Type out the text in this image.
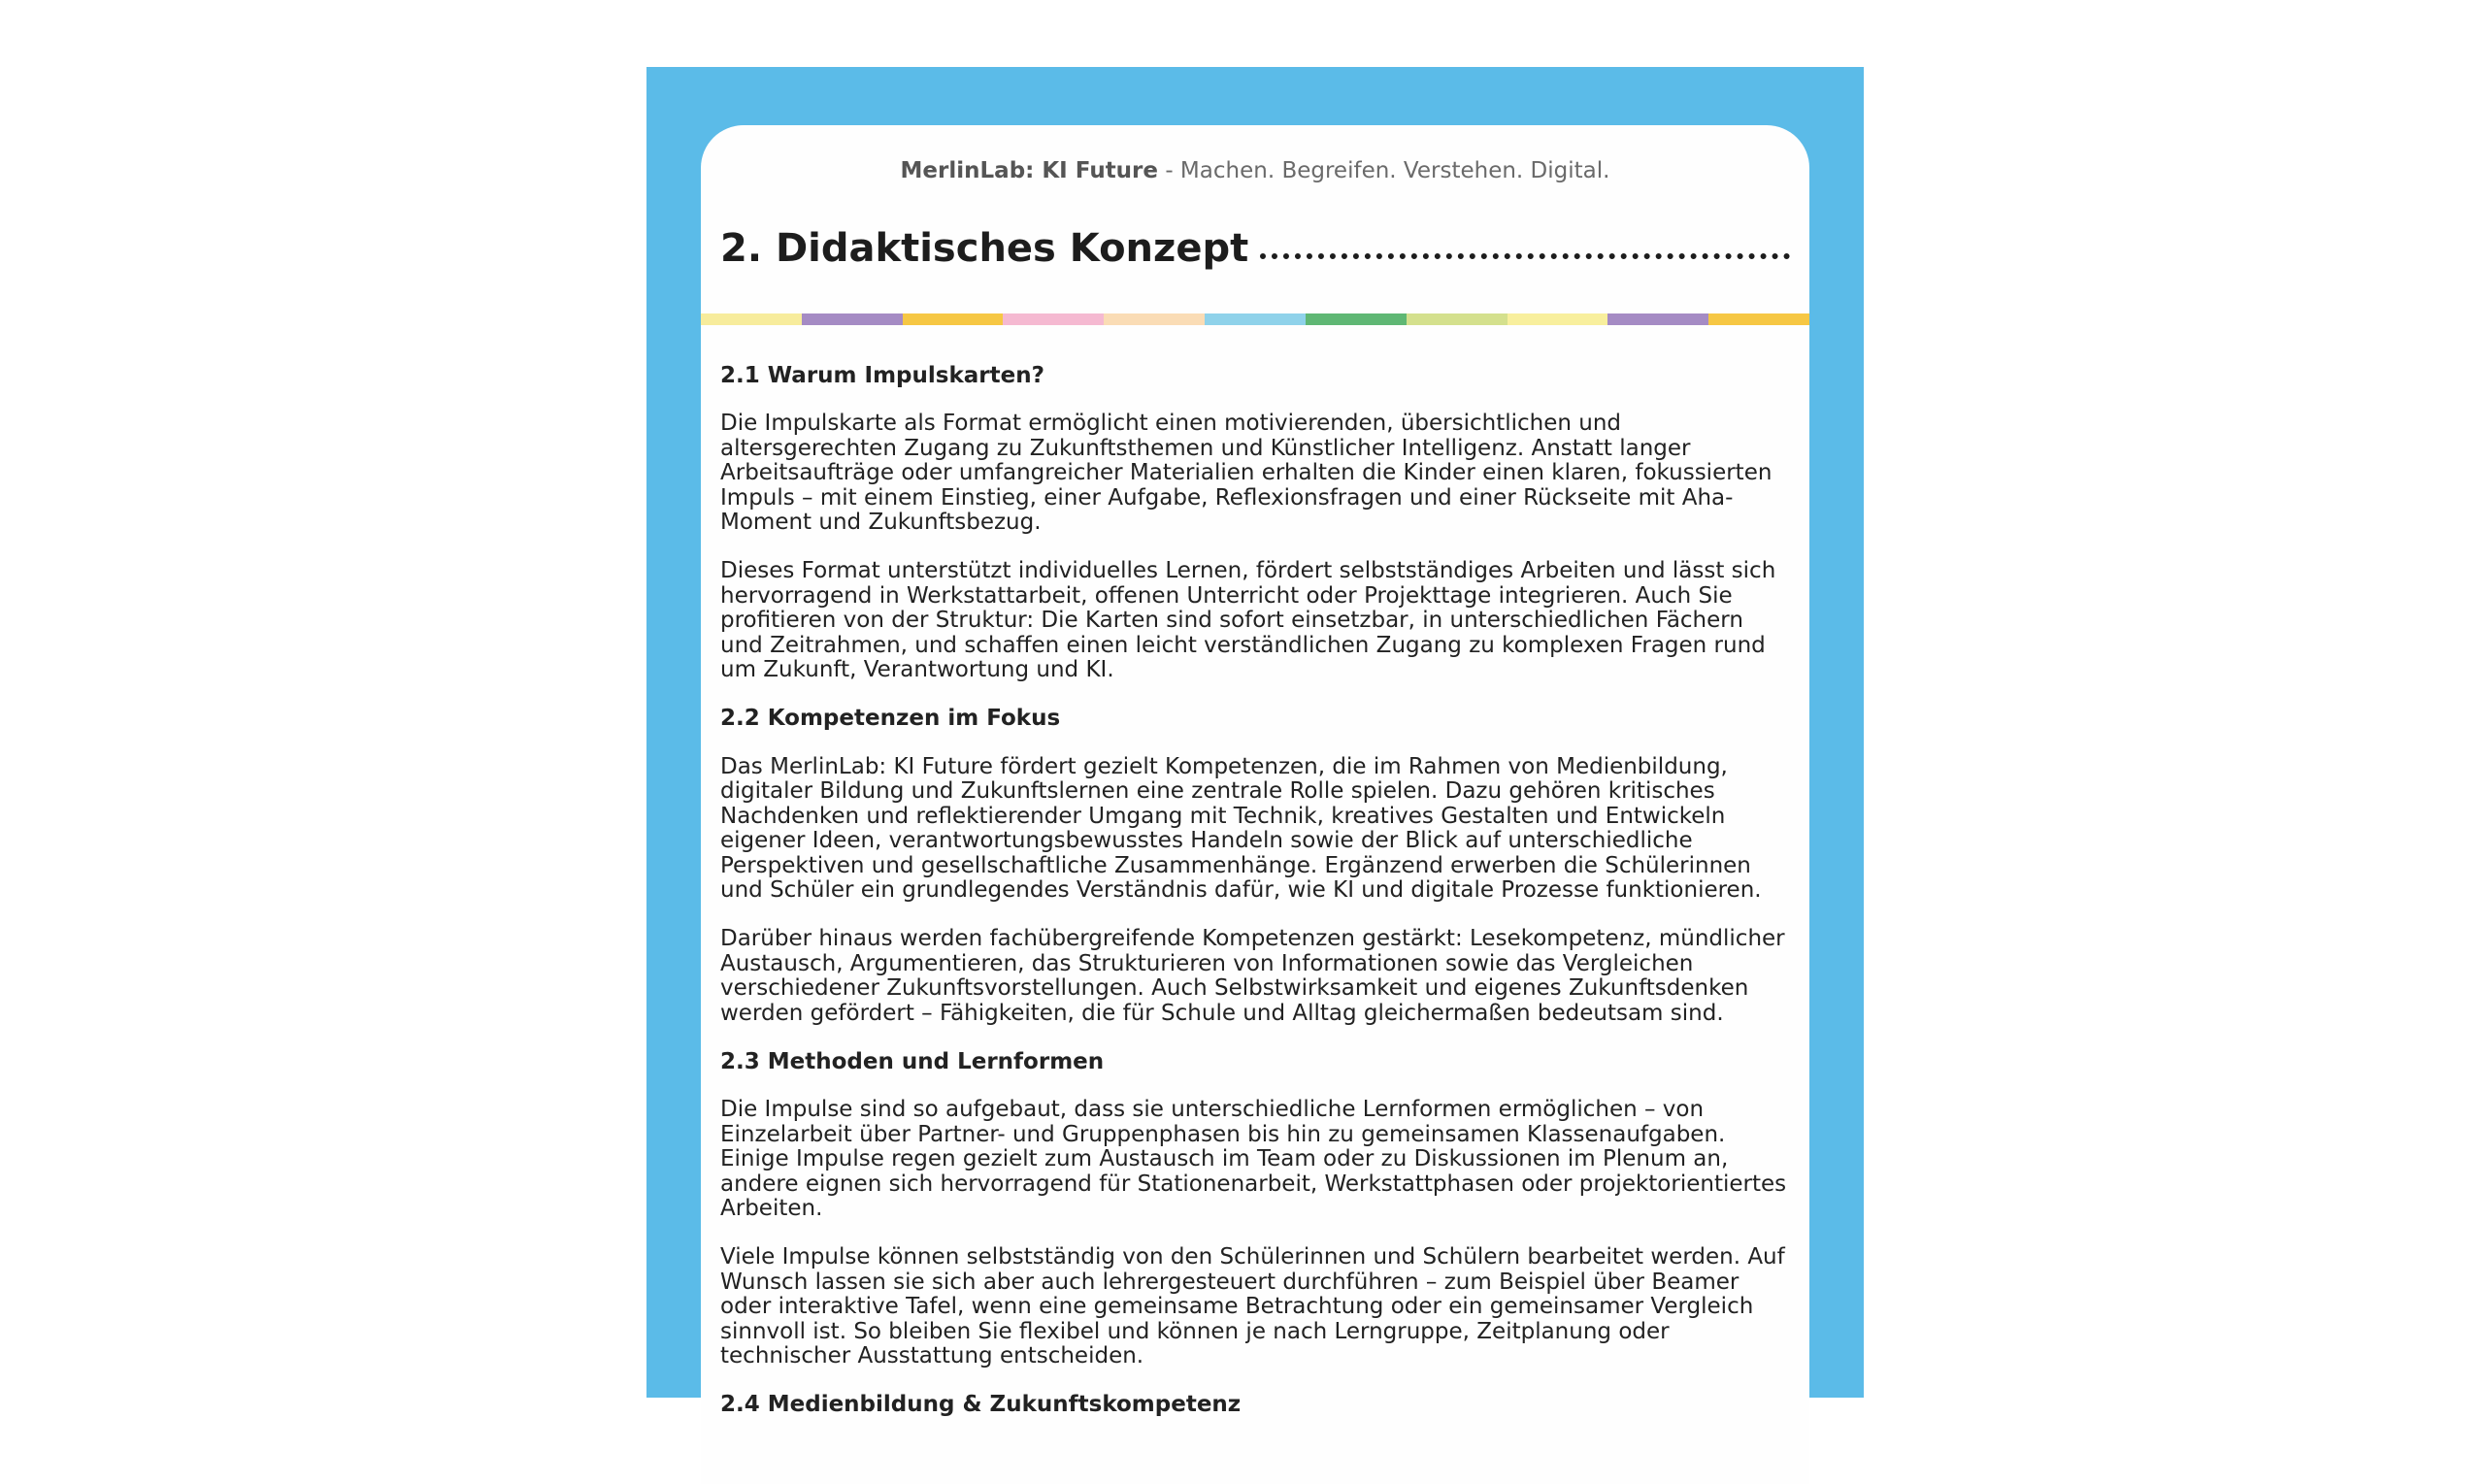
MerlinLab: KI Future - Machen. Begreifen. Verstehen. Digital.
2. Didaktisches Konzept
2.1 Warum Impulskarten?

Die Impulskarte als Format ermöglicht einen motivierenden, übersichtlichen und altersgerechten Zugang zu Zukunftsthemen und Künstlicher Intelligenz. Anstatt langer Arbeitsaufträge oder umfangreicher Materialien erhalten die Kinder einen klaren, fokussierten Impuls – mit einem Einstieg, einer Aufgabe, Reflexionsfragen und einer Rückseite mit Aha-Moment und Zukunftsbezug.

Dieses Format unterstützt individuelles Lernen, fördert selbstständiges Arbeiten und lässt sich hervorragend in Werkstattarbeit, offenen Unterricht oder Projekttage integrieren. Auch Sie profitieren von der Struktur: Die Karten sind sofort einsetzbar, in unterschiedlichen Fächern und Zeitrahmen, und schaffen einen leicht verständlichen Zugang zu komplexen Fragen rund um Zukunft, Verantwortung und KI.

2.2 Kompetenzen im Fokus

Das MerlinLab: KI Future fördert gezielt Kompetenzen, die im Rahmen von Medienbildung, digitaler Bildung und Zukunftslernen eine zentrale Rolle spielen. Dazu gehören kritisches Nachdenken und reflektierender Umgang mit Technik, kreatives Gestalten und Entwickeln eigener Ideen, verantwortungsbewusstes Handeln sowie der Blick auf unterschiedliche Perspektiven und gesellschaftliche Zusammenhänge. Ergänzend erwerben die Schülerinnen und Schüler ein grundlegendes Verständnis dafür, wie KI und digitale Prozesse funktionieren.

Darüber hinaus werden fachübergreifende Kompetenzen gestärkt: Lesekompetenz, mündlicher Austausch, Argumentieren, das Strukturieren von Informationen sowie das Vergleichen verschiedener Zukunftsvorstellungen. Auch Selbstwirksamkeit und eigenes Zukunftsdenken werden gefördert – Fähigkeiten, die für Schule und Alltag gleichermaßen bedeutsam sind.

2.3 Methoden und Lernformen

Die Impulse sind so aufgebaut, dass sie unterschiedliche Lernformen ermöglichen – von Einzelarbeit über Partner- und Gruppenphasen bis hin zu gemeinsamen Klassenaufgaben. Einige Impulse regen gezielt zum Austausch im Team oder zu Diskussionen im Plenum an, andere eignen sich hervorragend für Stationenarbeit, Werkstattphasen oder projektorientiertes Arbeiten.

Viele Impulse können selbstständig von den Schülerinnen und Schülern bearbeitet werden. Auf Wunsch lassen sie sich aber auch lehrergesteuert durchführen – zum Beispiel über Beamer oder interaktive Tafel, wenn eine gemeinsame Betrachtung oder ein gemeinsamer Vergleich sinnvoll ist. So bleiben Sie flexibel und können je nach Lerngruppe, Zeitplanung oder technischer Ausstattung entscheiden.

2.4 Medienbildung & Zukunftskompetenz
